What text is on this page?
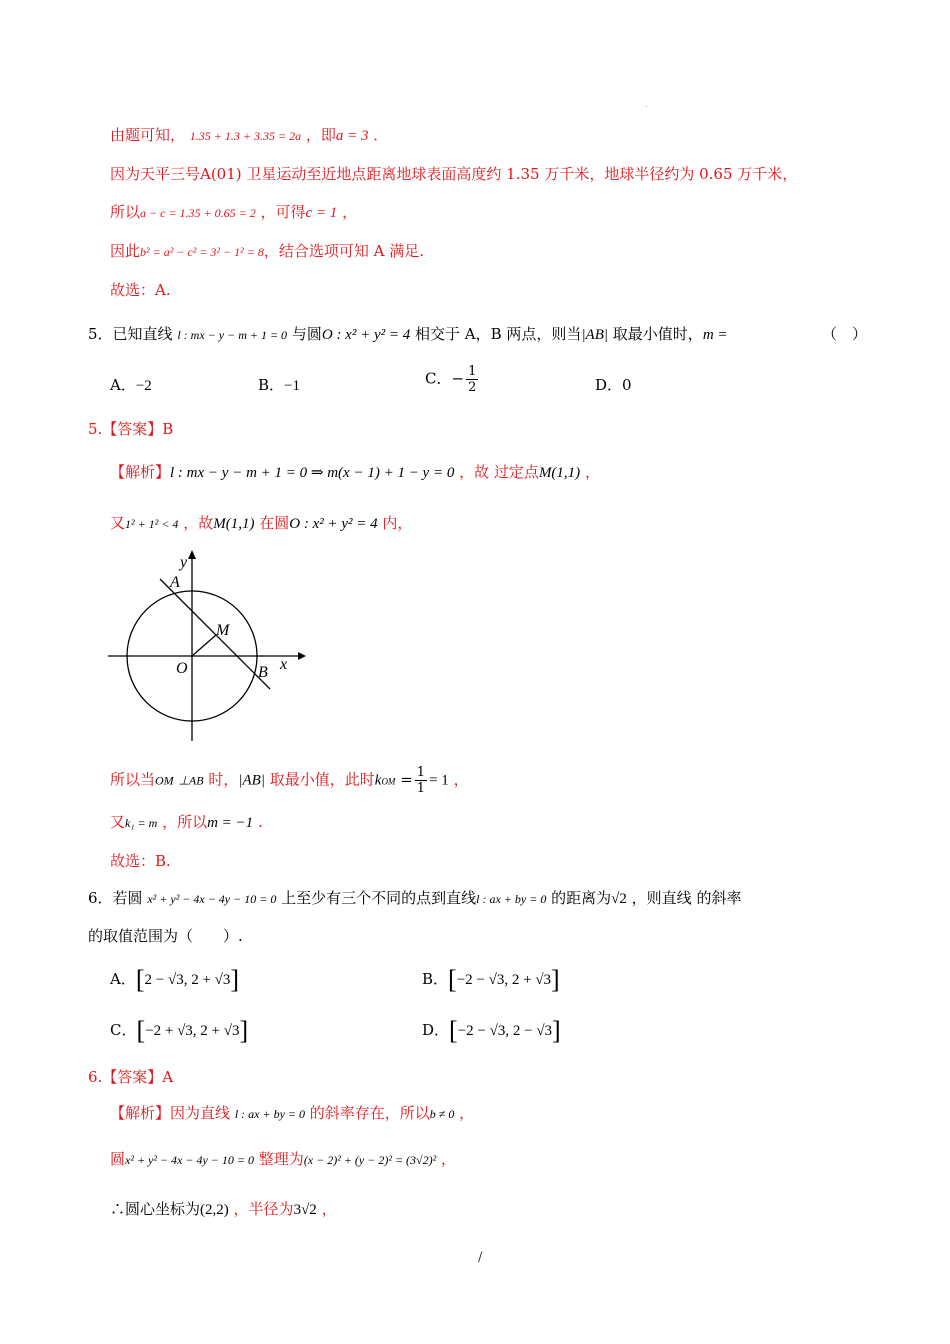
.
由题可知， 1.35 + 1.3 + 3.35 = 2a ，即a = 3 ．
因为天平三号A(01) 卫星运动至近地点距离地球表面高度约 1.35 万千米，地球半径约为 0.65 万千米，
所以a − c = 1.35 + 0.65 = 2 ，可得c = 1 ，
因此b² = a² − c² = 3² − 1² = 8，结合选项可知 A 满足.
故选：A.
5．已知直线 l : mx − y − m + 1 = 0 与圆O : x² + y² = 4 相交于 A，B 两点，则当|AB| 取最小值时，m =	（　）
A．−2	B．−1	C．− $\frac{1}{2}$	D．0
5.【答案】B
【解析】l : mx − y − m + 1 = 0 ⇒ m(x − 1) + 1 − y = 0 ，故 过定点M(1,1) ，
又1² + 1² < 4 ，故M(1,1) 在圆O : x² + y² = 4 内，
y
x
O
A
B
M
所以当OM ⊥AB 时，|AB| 取最小值，此时kOM = $\frac{1}{1} = 1$ ，
又k₁ = m ，所以m = −1 .
故选：B.
6．若圆 x² + y² − 4x − 4y − 10 = 0 上至少有三个不同的点到直线l : ax + by = 0 的距离为√2 ，则直线 的斜率
的取值范围为（　　）.
A．[2 − √3, 2 + √3]	B．[−2 − √3, 2 + √3]
C．[−2 + √3, 2 + √3]	D．[−2 − √3, 2 − √3]
6.【答案】A
【解析】因为直线 l : ax + by = 0 的斜率存在，所以b ≠ 0 ，
圆x² + y² − 4x − 4y − 10 = 0 整理为(x − 2)² + (y − 2)² = (3√2)² ，
∴圆心坐标为(2,2) ，半径为3√2 ，
/
